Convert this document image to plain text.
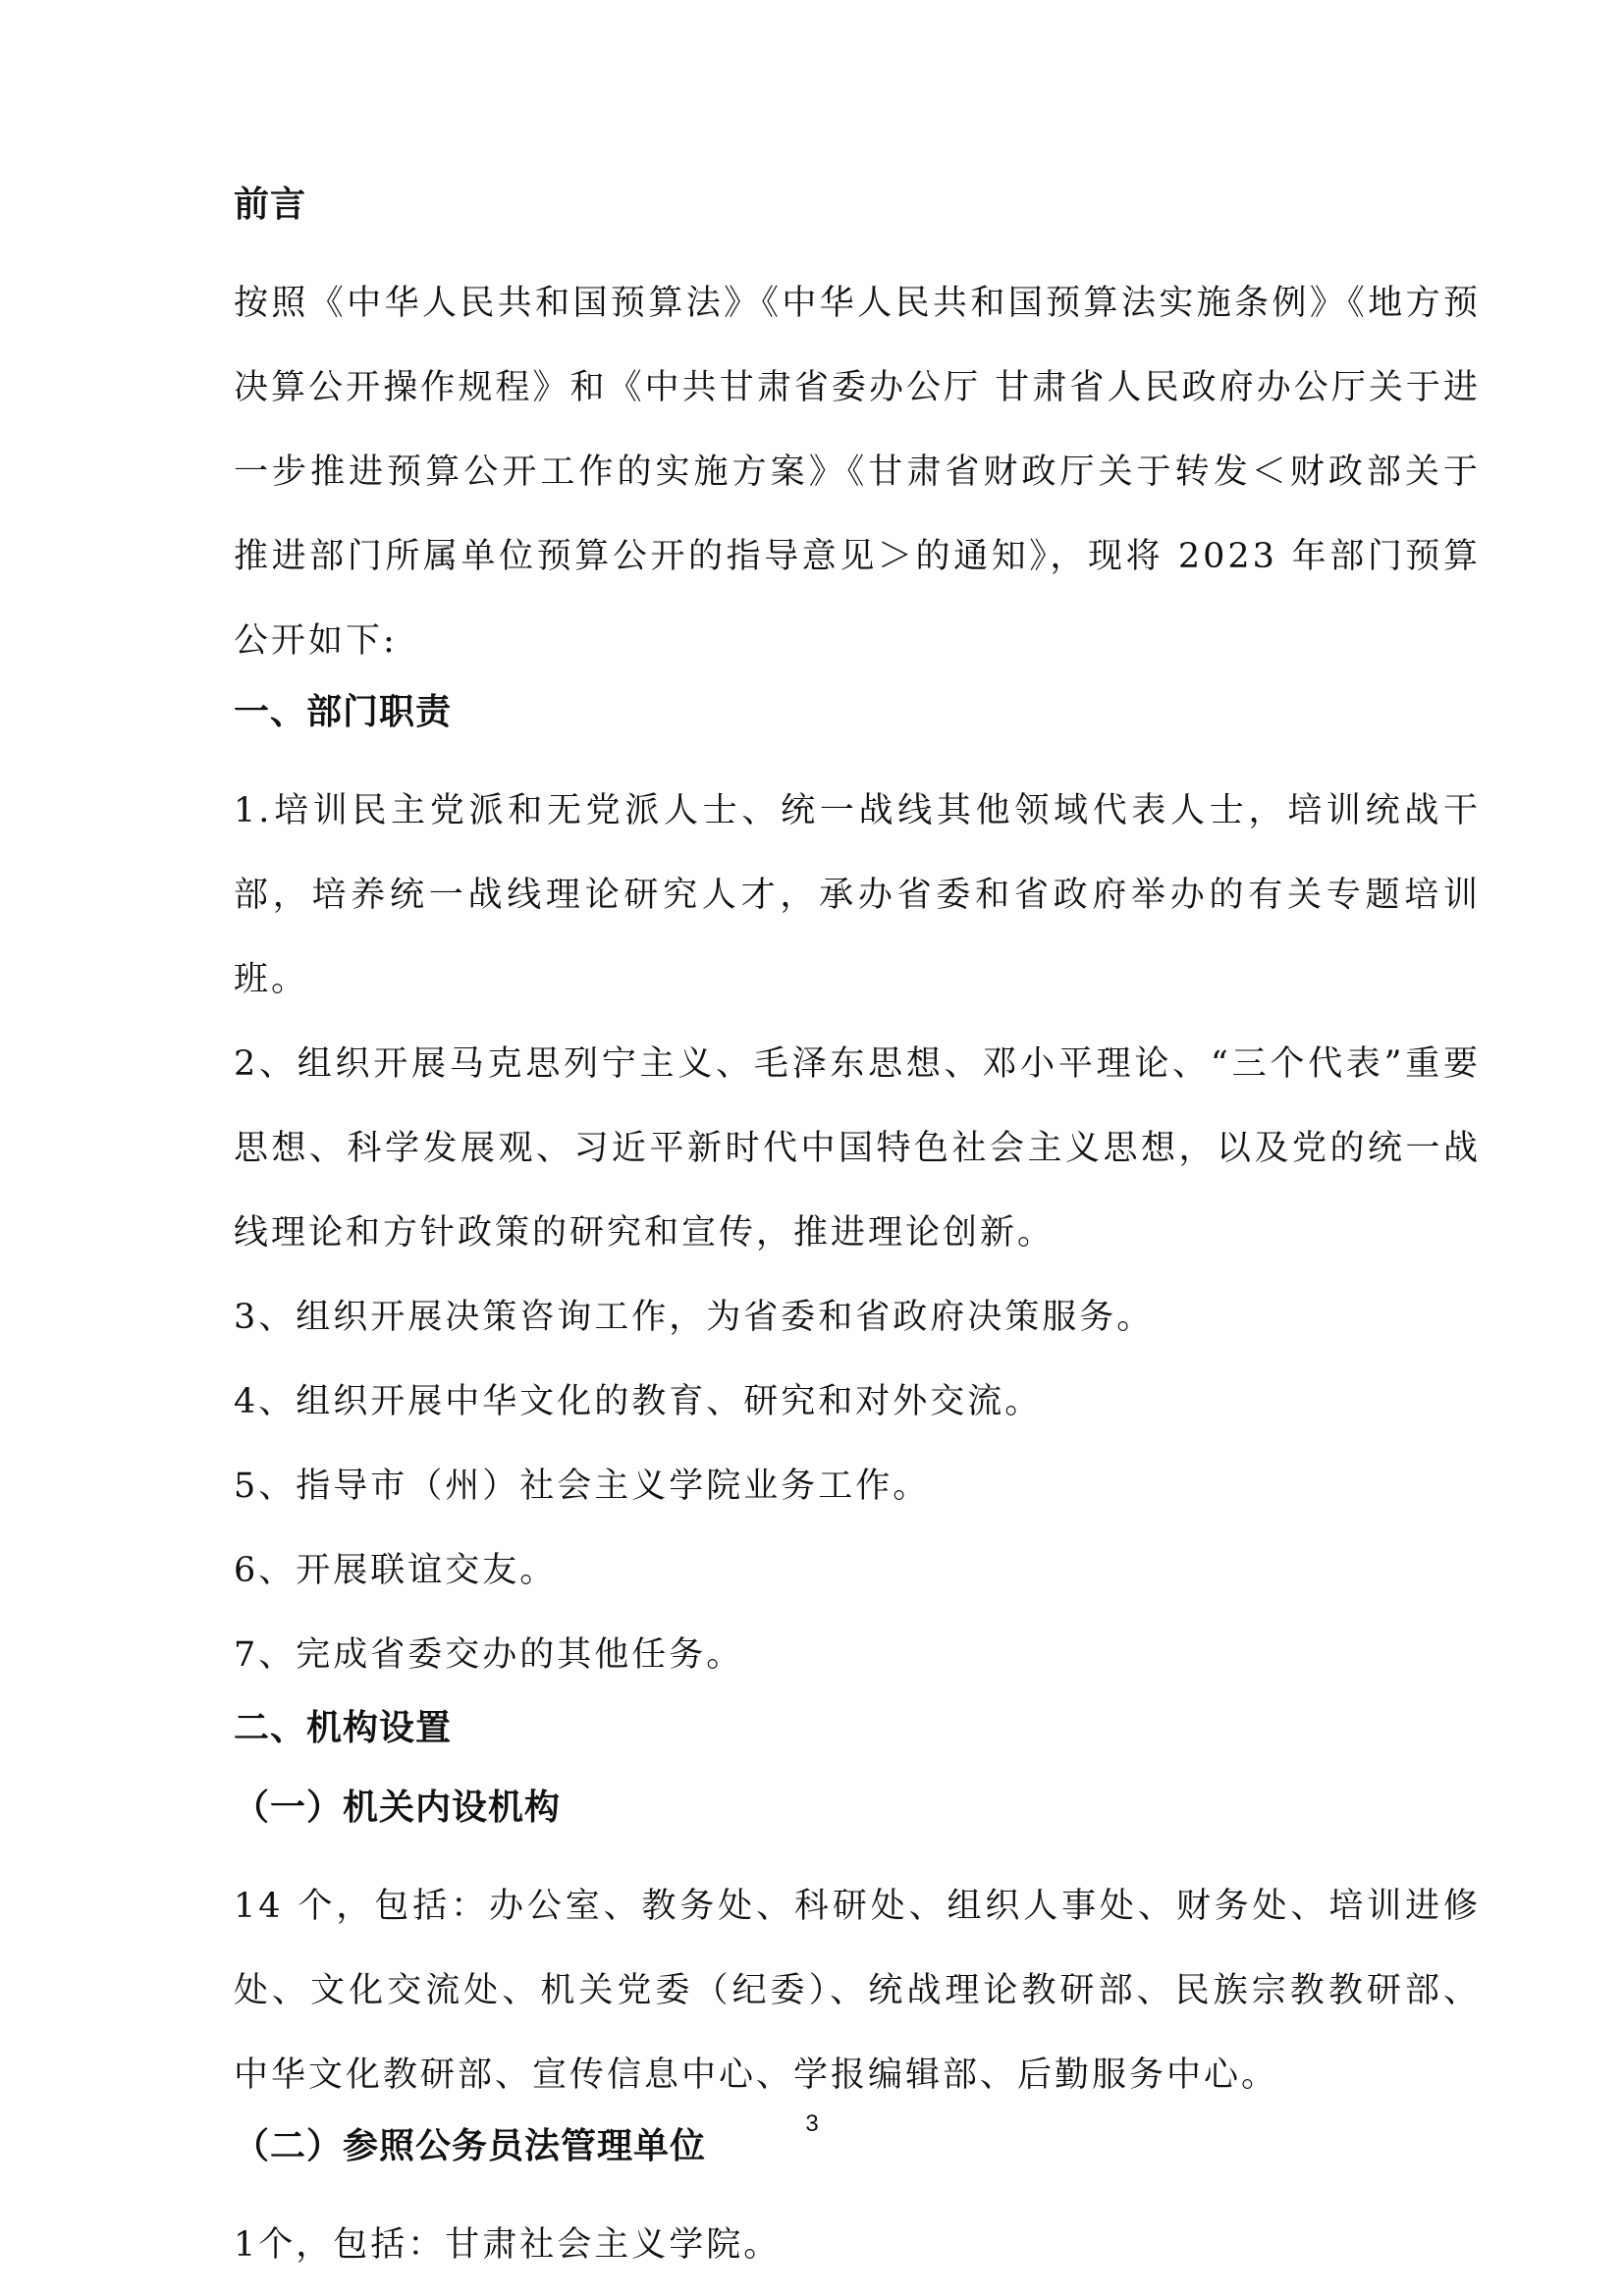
前言

按照《中华人民共和国预算法》《中华人民共和国预算法实施条例》《地方预决算公开操作规程》和《中共甘肃省委办公厅 甘肃省人民政府办公厅关于进一步推进预算公开工作的实施方案》《甘肃省财政厅关于转发＜财政部关于推进部门所属单位预算公开的指导意见＞的通知》，现将 2023 年部门预算公开如下:

一、部门职责

1.培训民主党派和无党派人士、统一战线其他领域代表人士，培训统战干部，培养统一战线理论研究人才，承办省委和省政府举办的有关专题培训班。

2、组织开展马克思列宁主义、毛泽东思想、邓小平理论、“三个代表”重要思想、科学发展观、习近平新时代中国特色社会主义思想，以及党的统一战线理论和方针政策的研究和宣传，推进理论创新。

3、组织开展决策咨询工作，为省委和省政府决策服务。

4、组织开展中华文化的教育、研究和对外交流。

5、指导市（州）社会主义学院业务工作。

6、开展联谊交友。

7、完成省委交办的其他任务。

二、机构设置
（一）机关内设机构

14 个，包括：办公室、教务处、科研处、组织人事处、财务处、培训进修处、文化交流处、机关党委（纪委）、统战理论教研部、民族宗教教研部、中华文化教研部、宣传信息中心、学报编辑部、后勤服务中心。

（二）参照公务员法管理单位

1个，包括：甘肃社会主义学院。

3
